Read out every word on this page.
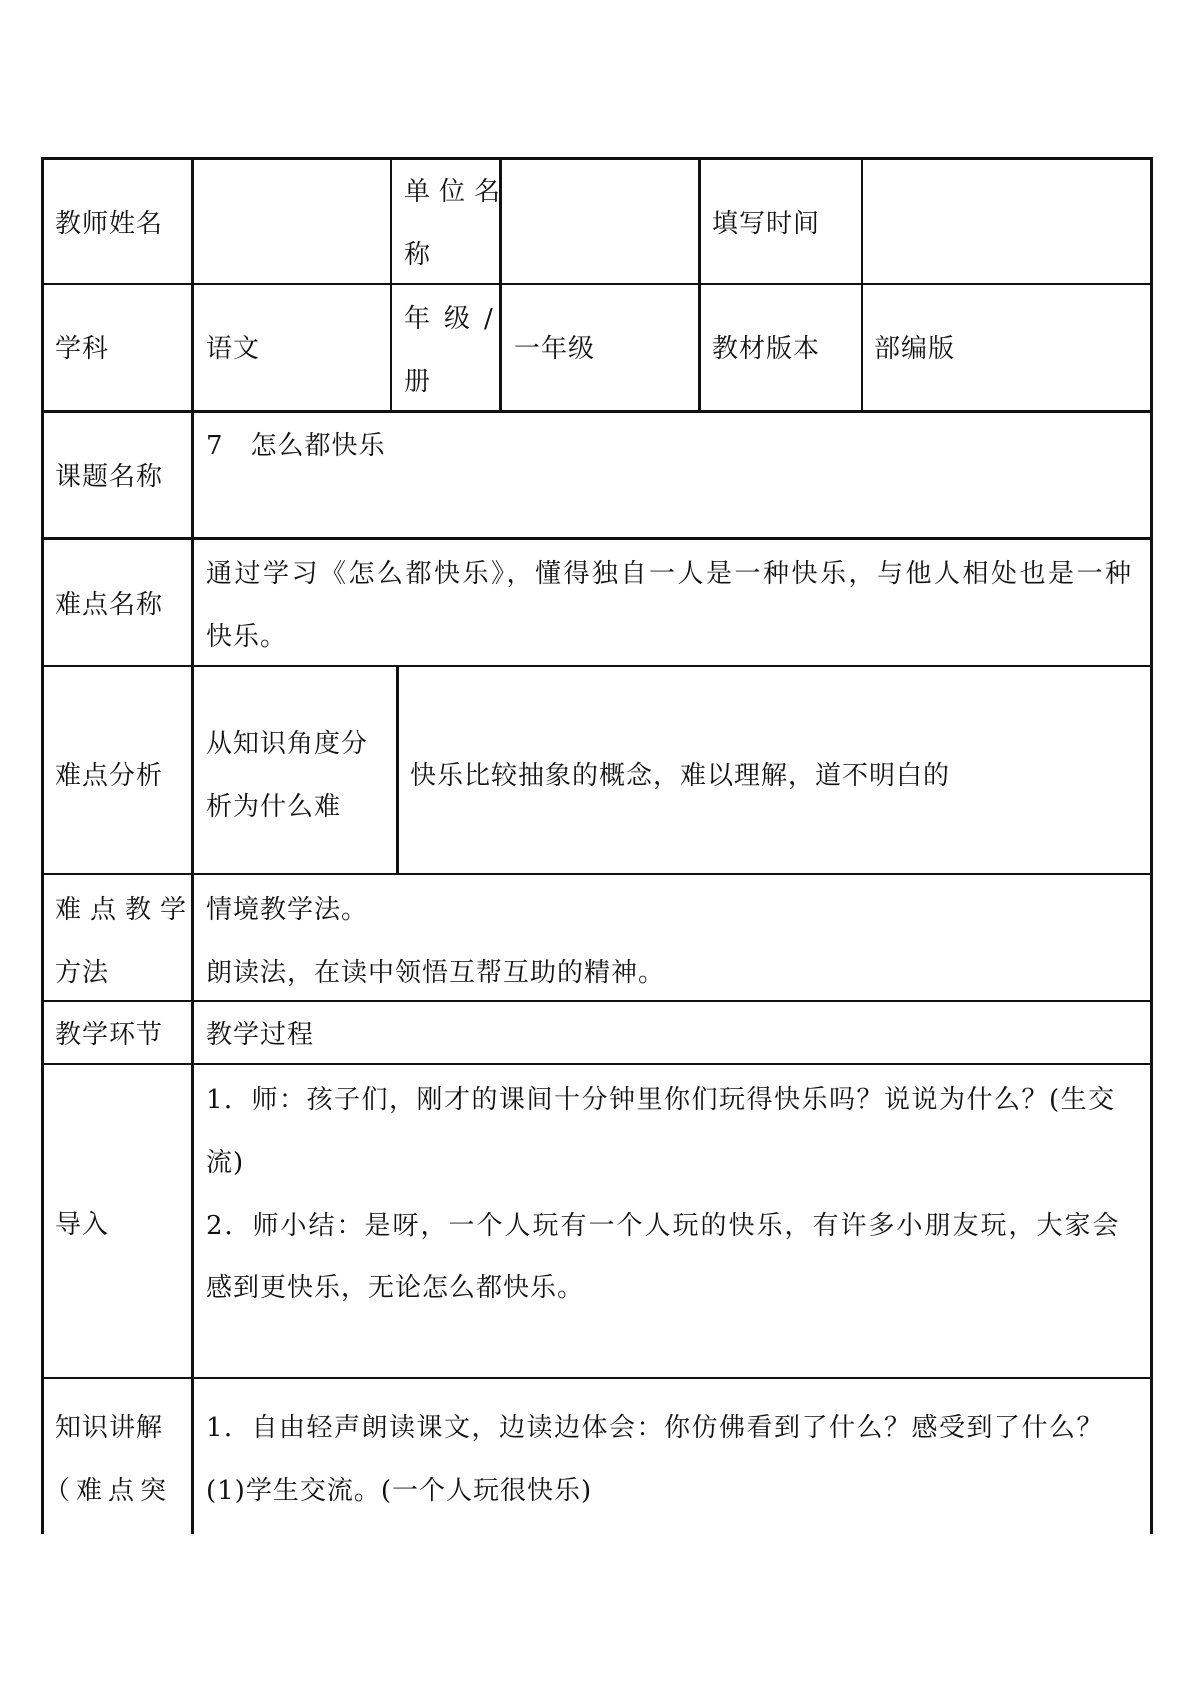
教师姓名
单位名
称
填写时间
学科	语文
年级/
册
一年级	教材版本 部编版
课题名称
7　怎么都快乐
难点名称
通过学习《怎么都快乐》，懂得独自一人是一种快乐，与他人相处也是一种
快乐。
难点分析
从知识角度分
析为什么难
快乐比较抽象的概念，难以理解，道不明白的
难点教学
方法
情境教学法。
朗读法，在读中领悟互帮互助的精神。
教学环节 教学过程
导入
1．师：孩子们，刚才的课间十分钟里你们玩得快乐吗？说说为什么？(生交
流)
2．师小结：是呀，一个人玩有一个人玩的快乐，有许多小朋友玩，大家会
感到更快乐，无论怎么都快乐。
知识讲解
（难点突
1．自由轻声朗读课文，边读边体会：你仿佛看到了什么？感受到了什么？
(1)学生交流。(一个人玩很快乐)
